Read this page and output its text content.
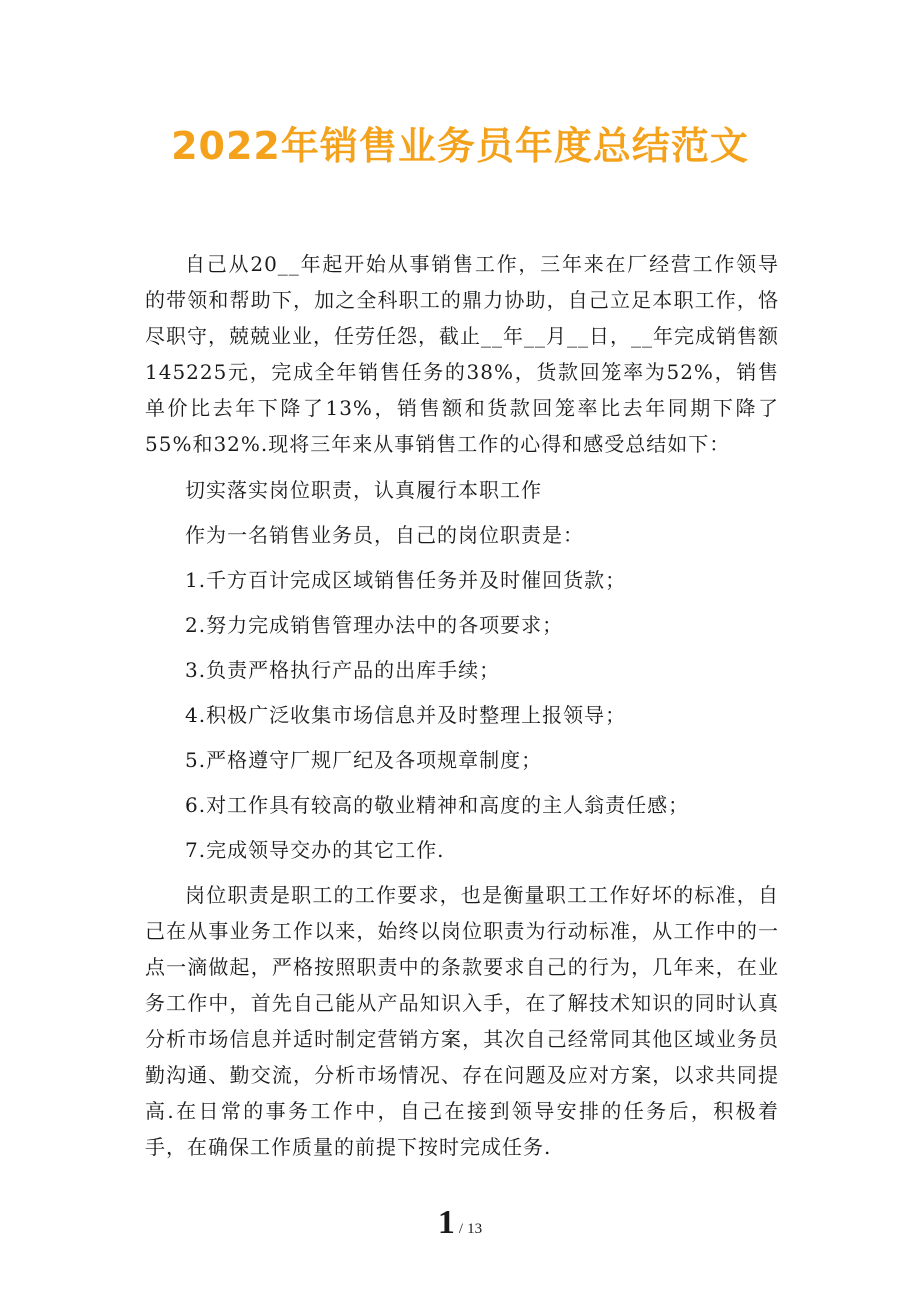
2022年销售业务员年度总结范文

自己从20__年起开始从事销售工作，三年来在厂经营工作领导的带领和帮助下，加之全科职工的鼎力协助，自己立足本职工作，恪尽职守，兢兢业业，任劳任怨，截止__年__月__日，__年完成销售额145225元，完成全年销售任务的38%，货款回笼率为52%，销售单价比去年下降了13%，销售额和货款回笼率比去年同期下降了55%和32%.现将三年来从事销售工作的心得和感受总结如下：

切实落实岗位职责，认真履行本职工作

作为一名销售业务员，自己的岗位职责是：

1.千方百计完成区域销售任务并及时催回货款；

2.努力完成销售管理办法中的各项要求；

3.负责严格执行产品的出库手续；

4.积极广泛收集市场信息并及时整理上报领导；

5.严格遵守厂规厂纪及各项规章制度；

6.对工作具有较高的敬业精神和高度的主人翁责任感；

7.完成领导交办的其它工作.

岗位职责是职工的工作要求，也是衡量职工工作好坏的标准，自己在从事业务工作以来，始终以岗位职责为行动标准，从工作中的一点一滴做起，严格按照职责中的条款要求自己的行为，几年来，在业务工作中，首先自己能从产品知识入手，在了解技术知识的同时认真分析市场信息并适时制定营销方案，其次自己经常同其他区域业务员勤沟通、勤交流，分析市场情况、存在问题及应对方案，以求共同提高.在日常的事务工作中，自己在接到领导安排的任务后，积极着手，在确保工作质量的前提下按时完成任务.

1 / 13
